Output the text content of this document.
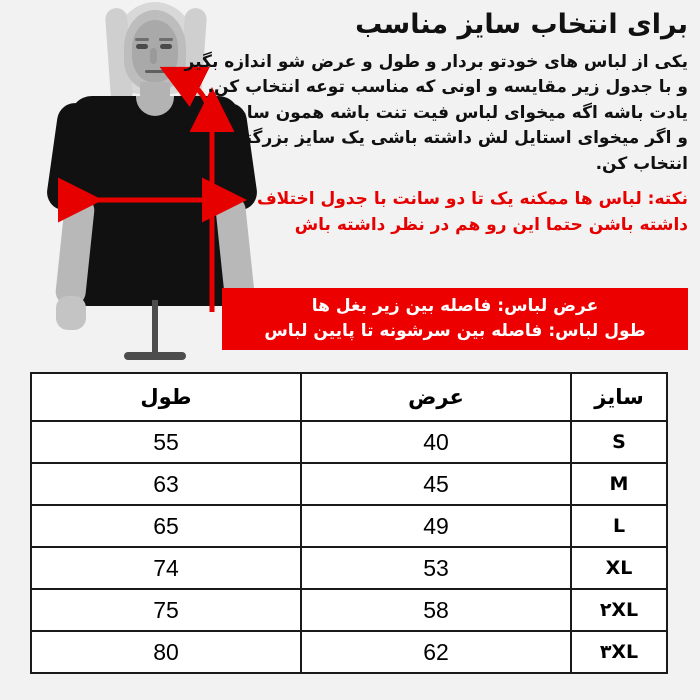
برای انتخاب سایز مناسب

یکی از لباس های خودتو بردار و طول و عرض شو اندازه بگیر

و با جدول زیر مقایسه و اونی که مناسب توعه انتخاب کن.

یادت باشه اگه میخوای لباس فیت تنت باشه همون سایز

و اگر میخوای استایل لش داشته باشی یک سایز بزرگتر

انتخاب کن.

نکته: لباس ها ممکنه یک تا دو سانت با جدول اختلاف

داشته باشن حتما این رو هم در نظر داشته باش

عرض لباس: فاصله بین زیر بغل ها
طول لباس: فاصله بین سرشونه تا پایین لباس
سایز	عرض	طول
S	40	55
M	45	63
L	49	65
XL	53	74
۲XL	58	75
۳XL	62	80
